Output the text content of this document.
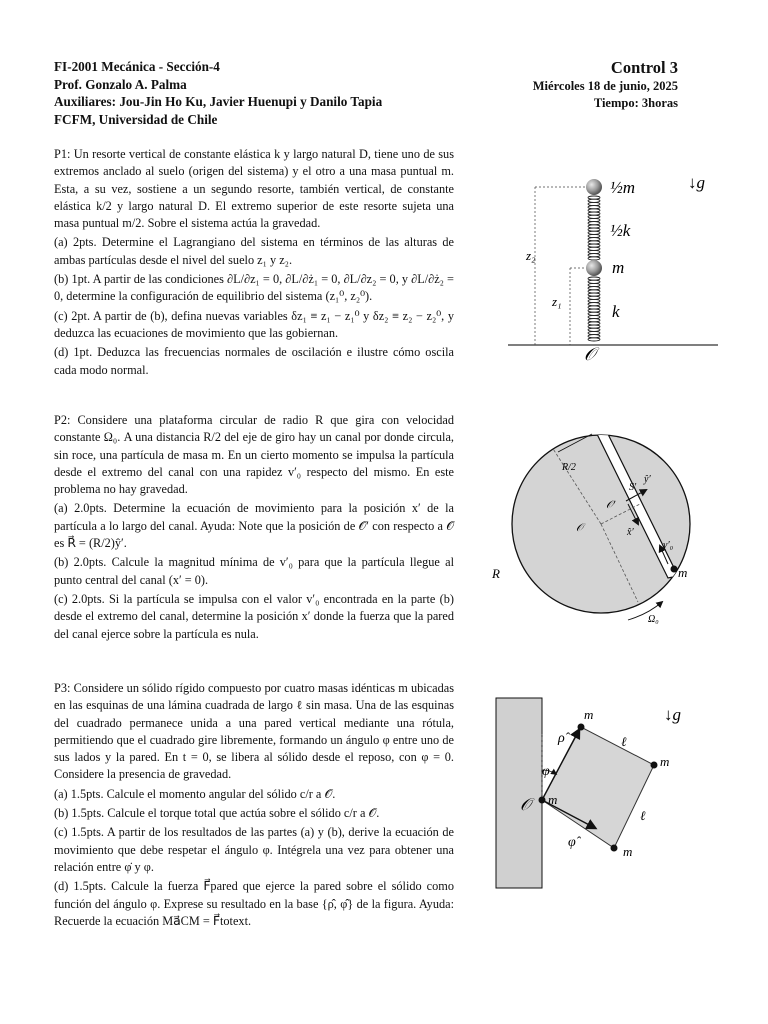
FI-2001 Mecánica - Sección-4
Prof. Gonzalo A. Palma
Auxiliares: Jou-Jin Ho Ku, Javier Huenupi y Danilo Tapia
FCFM, Universidad de Chile
Control 3
Miércoles 18 de junio, 2025
Tiempo: 3horas

P1: Un resorte vertical de constante elástica k y largo natural D, tiene uno de sus extremos anclado al suelo (origen del sistema) y el otro a una masa puntual m. Esta, a su vez, sostiene a un segundo resorte, también vertical, de constante elástica k/2 y largo natural D. El extremo superior de este resorte sujeta una masa puntual m/2. Sobre el sistema actúa la gravedad.

(a) 2pts. Determine el Lagrangiano del sistema en términos de las alturas de ambas partículas desde el nivel del suelo z₁ y z₂.

(b) 1pt. A partir de las condiciones ∂L/∂z₁ = 0, ∂L/∂ż₁ = 0, ∂L/∂z₂ = 0, y ∂L/∂ż₂ = 0, determine la configuración de equilibrio del sistema (z₁⁰, z₂⁰).

(c) 2pt. A partir de (b), defina nuevas variables δz₁ ≡ z₁ − z₁⁰ y δz₂ ≡ z₂ − z₂⁰, y deduzca las ecuaciones de movimiento que las gobiernan.

(d) 1pt. Deduzca las frecuencias normales de oscilación e ilustre cómo oscila cada modo normal.

½m
½k
m
k
z₂
z₁
𝒪
↓g⃗

P2: Considere una plataforma circular de radio R que gira con velocidad constante Ω₀. A una distancia R/2 del eje de giro hay un canal por donde circula, sin roce, una partícula de masa m. En un cierto momento se impulsa la partícula desde el extremo del canal con una rapidez v′₀ respecto del mismo. En este problema no hay gravedad.

(a) 2.0pts. Determine la ecuación de movimiento para la posición x′ de la partícula a lo largo del canal. Ayuda: Note que la posición de 𝒪′ con respecto a 𝒪 es R⃗ = (R/2)ŷ′.

(b) 2.0pts. Calcule la magnitud mínima de v′₀ para que la partícula llegue al punto central del canal (x′ = 0).

(c) 2.0pts. Si la partícula se impulsa con el valor v′₀ encontrada en la parte (b) desde el extremo del canal, determine la posición x′ donde la fuerza que la pared del canal ejerce sobre la partícula es nula.

R/2
S′
ŷ′
𝒪′
𝒪	x̂′
v′₀
m
R
Ω₀

P3: Considere un sólido rígido compuesto por cuatro masas idénticas m ubicadas en las esquinas de una lámina cuadrada de largo ℓ sin masa. Una de las esquinas del cuadrado permanece unida a una pared vertical mediante una rótula, permitiendo que el cuadrado gire libremente, formando un ángulo φ entre uno de sus lados y la pared. En t = 0, se libera al sólido desde el reposo, con φ = 0. Considere la presencia de gravedad.

(a) 1.5pts. Calcule el momento angular del sólido c/r a 𝒪.

(b) 1.5pts. Calcule el torque total que actúa sobre el sólido c/r a 𝒪.

(c) 1.5pts. A partir de los resultados de las partes (a) y (b), derive la ecuación de movimiento que debe respetar el ángulo φ. Intégrela una vez para obtener una relación entre φ̇ y φ.

(d) 1.5pts. Calcule la fuerza F⃗pared que ejerce la pared sobre el sólido como función del ángulo φ. Exprese su resultado en la base {ρ̂, φ̂} de la figura. Ayuda: Recuerde la ecuación Ma⃗CM = F⃗totext.

m
m
m
m
ℓ
ℓ
ρ̂
φ
φ̂
𝒪
↓g⃗
